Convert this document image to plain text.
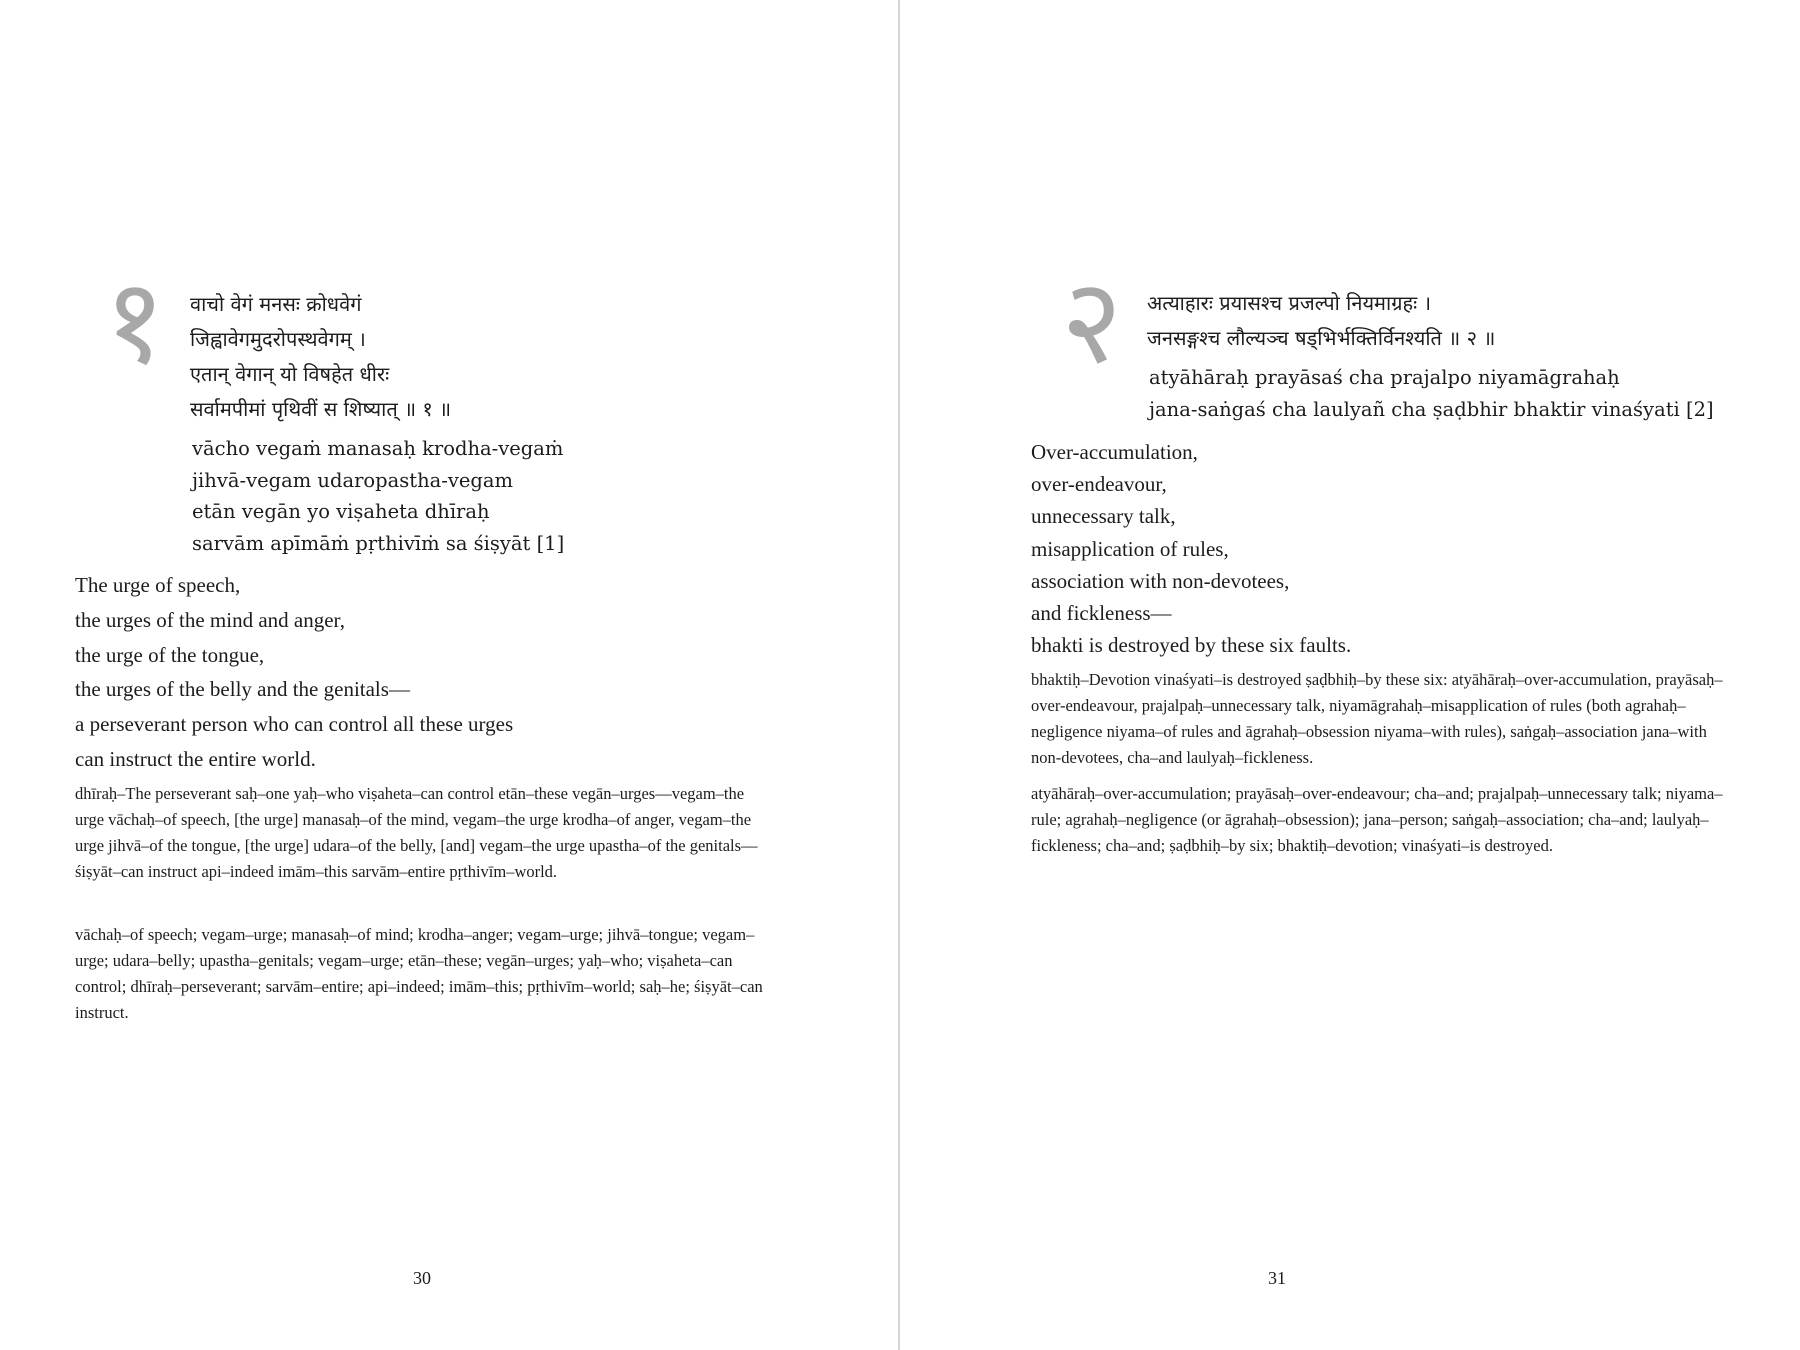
१ वाचो वेगं मनसः क्रोधवेगं
जिह्वावेगमुदरोपस्थवेगम् ।
एतान् वेगान् यो विषहेत धीरः
सर्वामपीमां पृथिवीं स शिष्यात् ॥ १ ॥
vācho vegaṁ manasaḥ krodha-vegaṁ
jihvā-vegam udaropastha-vegam
etān vegān yo viṣaheta dhīraḥ
sarvām apīmāṁ pṛthivīṁ sa śiṣyāt [1]
The urge of speech,
the urges of the mind and anger,
the urge of the tongue,
the urges of the belly and the genitals—
a perseverant person who can control all these urges
can instruct the entire world.
dhīraḥ–The perseverant saḥ–one yaḥ–who viṣaheta–can control etān–these vegān–urges—vegam–the urge vāchaḥ–of speech, [the urge] manasaḥ–of the mind, vegam–the urge krodha–of anger, vegam–the urge jihvā–of the tongue, [the urge] udara–of the belly, [and] vegam–the urge upastha–of the genitals— śiṣyāt–can instruct api–indeed imām–this sarvām–entire pṛthivīm–world.
vāchaḥ–of speech; vegam–urge; manasaḥ–of mind; krodha–anger; vegam–urge; jihvā–tongue; vegam–urge; udara–belly; upastha–genitals; vegam–urge; etān–these; vegān–urges; yaḥ–who; viṣaheta–can control; dhīraḥ–perseverant; sarvām–entire; api–indeed; imām–this; pṛthivīm–world; saḥ–he; śiṣyāt–can instruct.
30
२ अत्याहारः प्रयासश्च प्रजल्पो नियमाग्रहः ।
जनसङ्गश्च लौल्यञ्च षड्भिर्भक्तिर्विनश्यति ॥ २ ॥
atyāhāraḥ prayāsaś cha prajalpo niyamāgrahaḥ
jana-saṅgaś cha laulyañ cha ṣaḍbhir bhaktir vinaśyati [2]
Over-accumulation,
over-endeavour,
unnecessary talk,
misapplication of rules,
association with non-devotees,
and fickleness—
bhakti is destroyed by these six faults.
bhaktiḥ–Devotion vinaśyati–is destroyed ṣaḍbhiḥ–by these six: atyāhāraḥ–over-accumulation, prayāsaḥ–over-endeavour, prajalpaḥ–unnecessary talk, niyamāgrahaḥ–misapplication of rules (both agrahaḥ–negligence niyama–of rules and āgrahaḥ–obsession niyama–with rules), saṅgaḥ–association jana–with non-devotees, cha–and laulyaḥ–fickleness.
atyāhāraḥ–over-accumulation; prayāsaḥ–over-endeavour; cha–and; prajalpaḥ–unnecessary talk; niyama–rule; agrahaḥ–negligence (or āgrahaḥ–obsession); jana–person; saṅgaḥ–association; cha–and; laulyaḥ–fickleness; cha–and; ṣaḍbhiḥ–by six; bhaktiḥ–devotion; vinaśyati–is destroyed.
31
